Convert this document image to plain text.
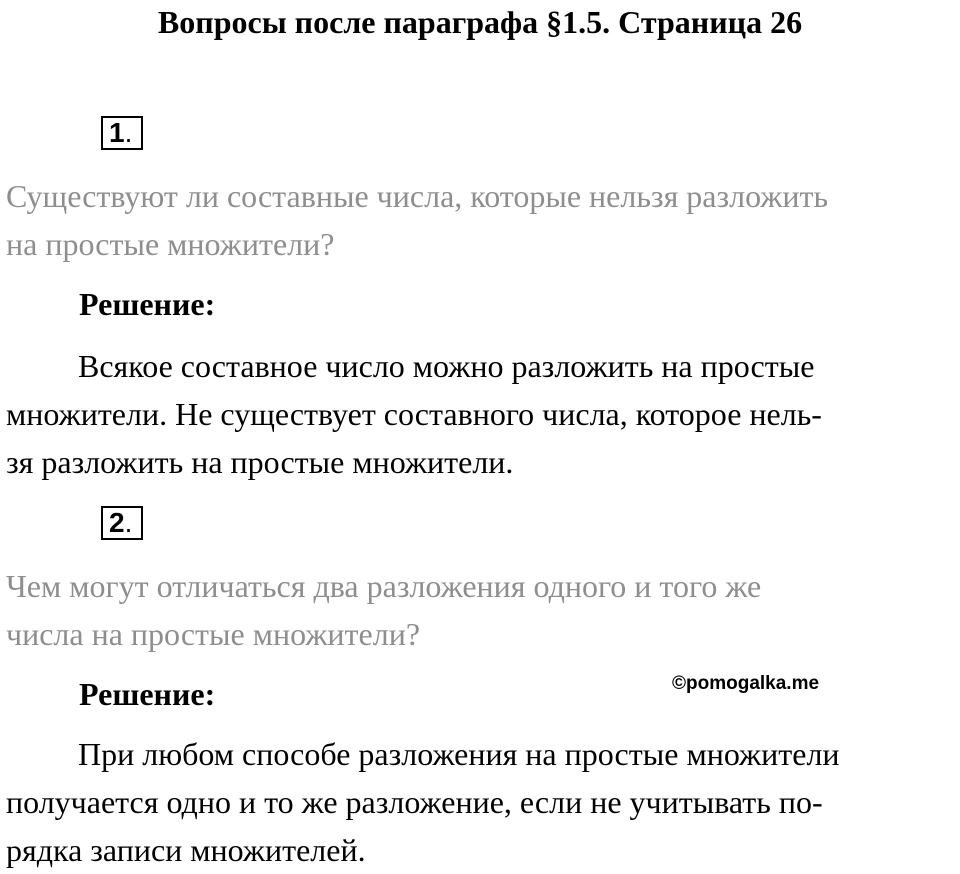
Вопросы после параграфа §1.5. Страница 26
1.
Существуют ли составные числа, которые нельзя разложить
на простые множители?
Решение:
Всякое составное число можно разложить на простые
множители. Не существует составного числа, которое нель-
зя разложить на простые множители.
2.
Чем могут отличаться два разложения одного и того же
числа на простые множители?
©pomogalka.me
Решение:
При любом способе разложения на простые множители
получается одно и то же разложение, если не учитывать по-
рядка записи множителей.
